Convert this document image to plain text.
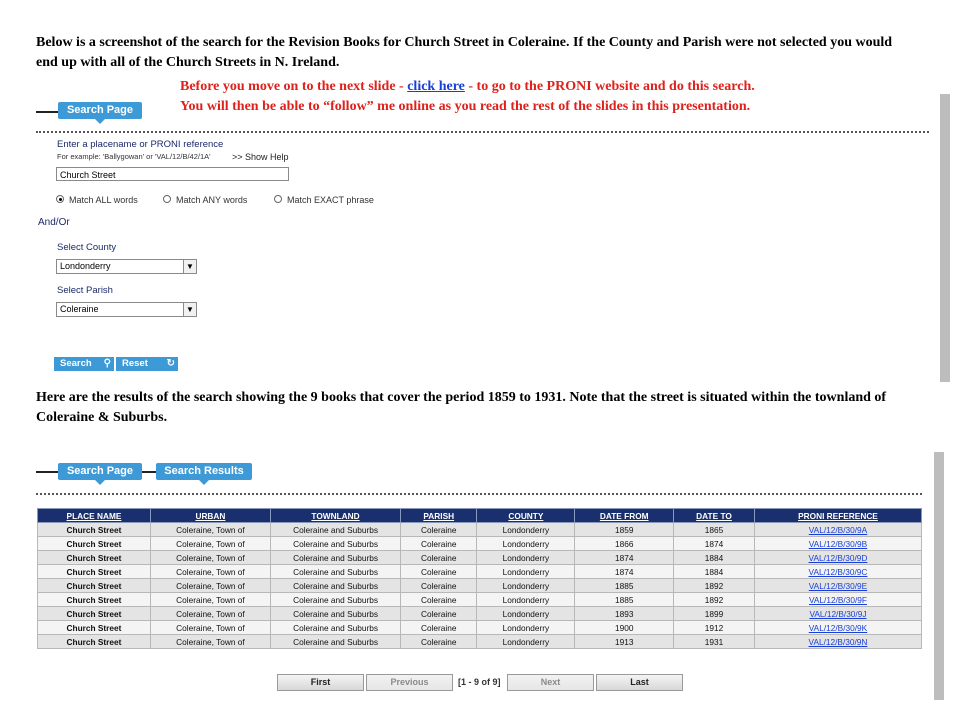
Below is a screenshot of the search for the Revision Books for Church Street in Coleraine. If the County and Parish were not selected you would end up with all of the Church Streets in N. Ireland.
Before you move on to the next slide - click here - to go to the PRONI website and do this search.
You will then be able to “follow” me online as you read the rest of the slides in this presentation.
Search Page
Enter a placename or PRONI reference
For example: 'Ballygowan' or 'VAL/12/B/42/1A' >> Show Help
Church Street
Match ALL words	Match ANY words	Match EXACT phrase
And/Or
Select County
Londonderry	▼
Select Parish
Coleraine	▼
Search ⚲	Reset ↻
Here are the results of the search showing the 9 books that cover the period 1859 to 1931. Note that the street is situated within the townland of Coleraine & Suburbs.
Search Page	Search Results
PLACE NAME	URBAN	TOWNLAND	PARISH	COUNTY	DATE FROM	DATE TO	PRONI REFERENCE
Church Street	Coleraine, Town of	Coleraine and Suburbs	Coleraine	Londonderry	1859	1865	VAL/12/B/30/9A
Church Street	Coleraine, Town of	Coleraine and Suburbs	Coleraine	Londonderry	1866	1874	VAL/12/B/30/9B
Church Street	Coleraine, Town of	Coleraine and Suburbs	Coleraine	Londonderry	1874	1884	VAL/12/B/30/9D
Church Street	Coleraine, Town of	Coleraine and Suburbs	Coleraine	Londonderry	1874	1884	VAL/12/B/30/9C
Church Street	Coleraine, Town of	Coleraine and Suburbs	Coleraine	Londonderry	1885	1892	VAL/12/B/30/9E
Church Street	Coleraine, Town of	Coleraine and Suburbs	Coleraine	Londonderry	1885	1892	VAL/12/B/30/9F
Church Street	Coleraine, Town of	Coleraine and Suburbs	Coleraine	Londonderry	1893	1899	VAL/12/B/30/9J
Church Street	Coleraine, Town of	Coleraine and Suburbs	Coleraine	Londonderry	1900	1912	VAL/12/B/30/9K
Church Street	Coleraine, Town of	Coleraine and Suburbs	Coleraine	Londonderry	1913	1931	VAL/12/B/30/9N
First	Previous	[1 - 9 of 9]	Next	Last
